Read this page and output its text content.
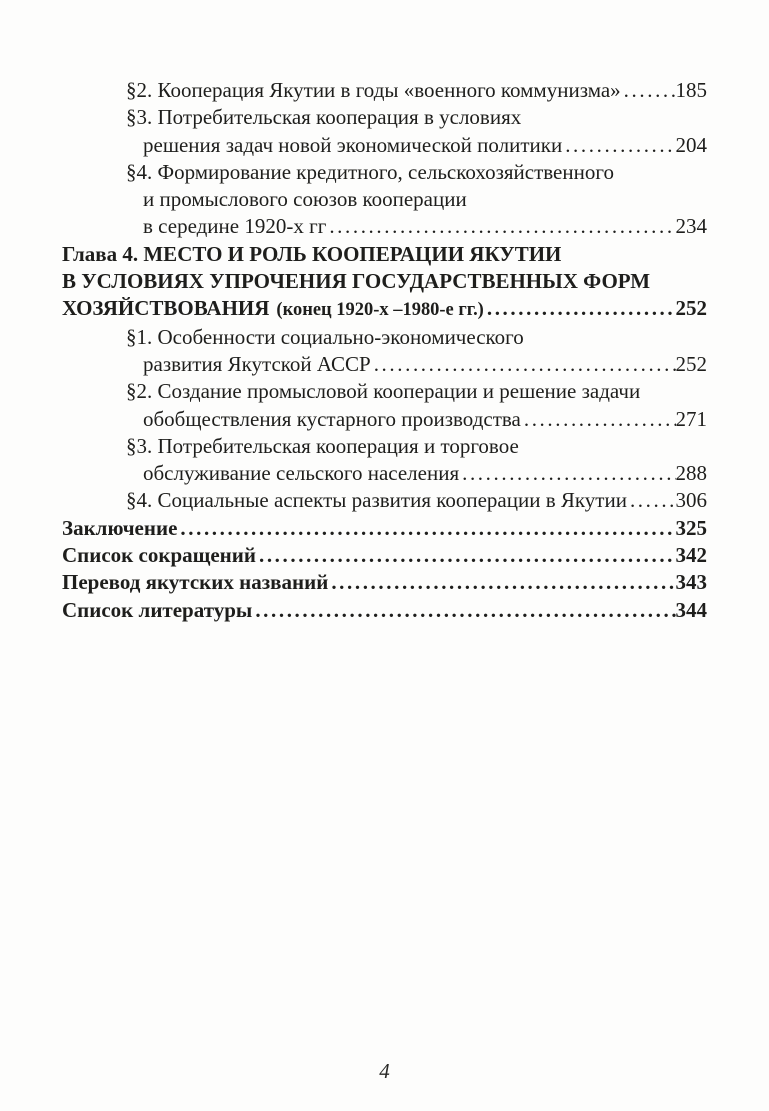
§2. Кооперация Якутии в годы «военного коммунизма» .....	185
§3. Потребительская кооперация в условиях
решения задач новой экономической политики .....	204
§4. Формирование кредитного, сельскохозяйственного
и промыслового союзов кооперации
в середине 1920-х гг .....	234
Глава 4. МЕСТО И РОЛЬ КООПЕРАЦИИ ЯКУТИИ
В УСЛОВИЯХ УПРОЧЕНИЯ ГОСУДАРСТВЕННЫХ ФОРМ
ХОЗЯЙСТВОВАНИЯ (конец 1920-х –1980-е гг.) .....	252
§1. Особенности социально-экономического
развития Якутской АССР .....	252
§2. Создание промысловой кооперации и решение задачи
обобществления кустарного производства .....	271
§3. Потребительская кооперация и торговое
обслуживание сельского населения .....	288
§4. Социальные аспекты развития кооперации в Якутии ..... 306
Заключение .....	325
Список сокращений .....	342
Перевод якутских названий .....	343
Список литературы .....	344
4
